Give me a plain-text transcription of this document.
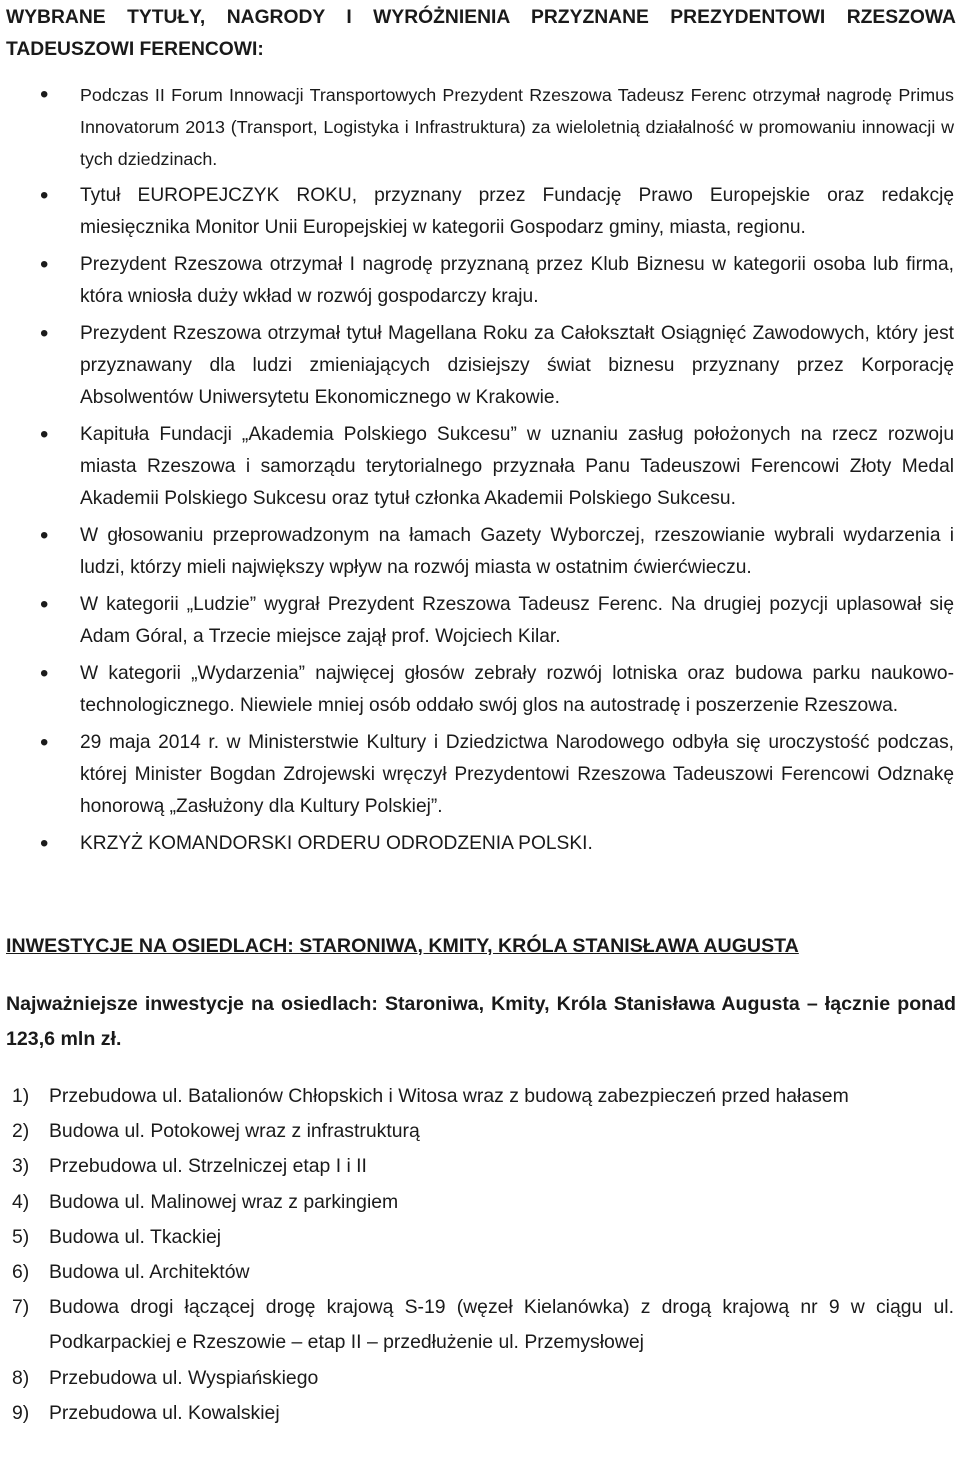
WYBRANE TYTUŁY, NAGRODY I WYRÓŻNIENIA PRZYZNANE PREZYDENTOWI RZESZOWA TADEUSZOWI FERENCOWI:
• Podczas II Forum Innowacji Transportowych Prezydent Rzeszowa Tadeusz Ferenc otrzymał nagrodę Primus Innovatorum 2013 (Transport, Logistyka i Infrastruktura) za wieloletnią działalność w promowaniu innowacji w tych dziedzinach.
• Tytuł EUROPEJCZYK ROKU, przyznany przez Fundację Prawo Europejskie oraz redakcję miesięcznika Monitor Unii Europejskiej w kategorii Gospodarz gminy, miasta, regionu.
• Prezydent Rzeszowa otrzymał I nagrodę przyznaną przez Klub Biznesu w kategorii osoba lub firma, która wniosła duży wkład w rozwój gospodarczy kraju.
• Prezydent Rzeszowa otrzymał tytuł Magellana Roku za Całokształt Osiągnięć Zawodowych, który jest przyznawany dla ludzi zmieniających dzisiejszy świat biznesu przyznany przez Korporację Absolwentów Uniwersytetu Ekonomicznego w Krakowie.
• Kapituła Fundacji „Akademia Polskiego Sukcesu” w uznaniu zasług położonych na rzecz rozwoju miasta Rzeszowa i samorządu terytorialnego przyznała Panu Tadeuszowi Ferencowi Złoty Medal Akademii Polskiego Sukcesu oraz tytuł członka Akademii Polskiego Sukcesu.
• W głosowaniu przeprowadzonym na łamach Gazety Wyborczej, rzeszowianie wybrali wydarzenia i ludzi, którzy mieli największy wpływ na rozwój miasta w ostatnim ćwierćwieczu.
• W kategorii „Ludzie” wygrał Prezydent Rzeszowa Tadeusz Ferenc. Na drugiej pozycji uplasował się Adam Góral, a Trzecie miejsce zajął prof. Wojciech Kilar.
• W kategorii „Wydarzenia” najwięcej głosów zebrały rozwój lotniska oraz budowa parku naukowo-technologicznego. Niewiele mniej osób oddało swój glos na autostradę i poszerzenie Rzeszowa.
• 29 maja 2014 r. w Ministerstwie Kultury i Dziedzictwa Narodowego odbyła się uroczystość podczas, której Minister Bogdan Zdrojewski wręczył Prezydentowi Rzeszowa Tadeuszowi Ferencowi Odznakę honorową „Zasłużony dla Kultury Polskiej”.
• KRZYŻ KOMANDORSKI ORDERU ODRODZENIA POLSKI.
INWESTYCJE NA OSIEDLACH: STARONIWA, KMITY, KRÓLA STANISŁAWA AUGUSTA

Najważniejsze inwestycje na osiedlach: Staroniwa, Kmity, Króla Stanisława Augusta – łącznie ponad 123,6 mln zł.

1) Przebudowa ul. Batalionów Chłopskich i Witosa wraz z budową zabezpieczeń przed hałasem
2) Budowa ul. Potokowej wraz z infrastrukturą
3) Przebudowa ul. Strzelniczej etap I i II
4) Budowa ul. Malinowej wraz z parkingiem
5) Budowa ul. Tkackiej
6) Budowa ul. Architektów
7) Budowa drogi łączącej drogę krajową S-19 (węzeł Kielanówka) z drogą krajową nr 9 w ciągu ul. Podkarpackiej e Rzeszowie – etap II – przedłużenie ul. Przemysłowej
8) Przebudowa ul. Wyspiańskiego
9) Przebudowa ul. Kowalskiej
